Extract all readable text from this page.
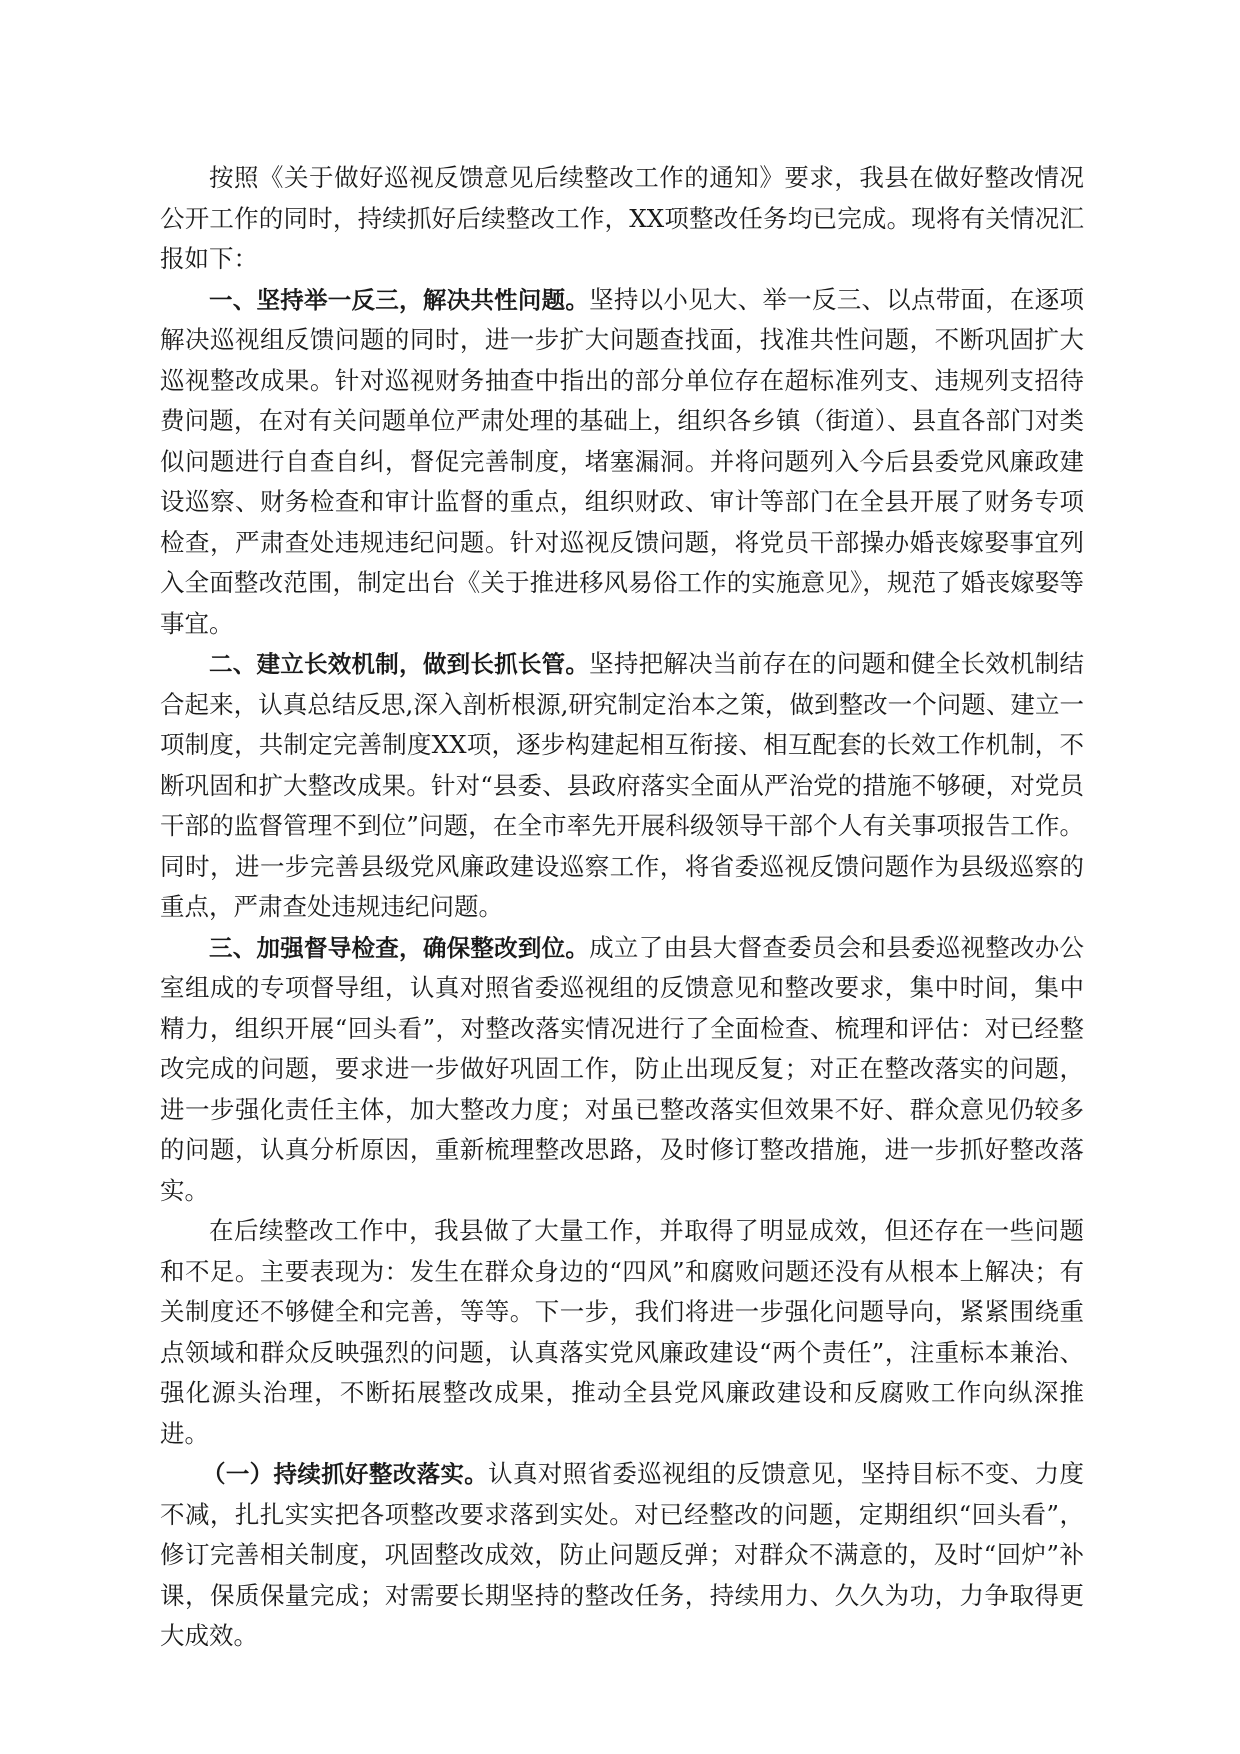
按照《关于做好巡视反馈意见后续整改工作的通知》要求，我县在做好整改情况公开工作的同时，持续抓好后续整改工作，XX项整改任务均已完成。现将有关情况汇报如下：

一、坚持举一反三，解决共性问题。坚持以小见大、举一反三、以点带面，在逐项解决巡视组反馈问题的同时，进一步扩大问题查找面，找准共性问题，不断巩固扩大巡视整改成果。针对巡视财务抽查中指出的部分单位存在超标准列支、违规列支招待费问题，在对有关问题单位严肃处理的基础上，组织各乡镇（街道）、县直各部门对类似问题进行自查自纠，督促完善制度，堵塞漏洞。并将问题列入今后县委党风廉政建设巡察、财务检查和审计监督的重点，组织财政、审计等部门在全县开展了财务专项检查，严肃查处违规违纪问题。针对巡视反馈问题，将党员干部操办婚丧嫁娶事宜列入全面整改范围，制定出台《关于推进移风易俗工作的实施意见》，规范了婚丧嫁娶等事宜。

二、建立长效机制，做到长抓长管。坚持把解决当前存在的问题和健全长效机制结合起来，认真总结反思,深入剖析根源,研究制定治本之策，做到整改一个问题、建立一项制度，共制定完善制度XX项，逐步构建起相互衔接、相互配套的长效工作机制，不断巩固和扩大整改成果。针对“县委、县政府落实全面从严治党的措施不够硬，对党员干部的监督管理不到位”问题，在全市率先开展科级领导干部个人有关事项报告工作。同时，进一步完善县级党风廉政建设巡察工作，将省委巡视反馈问题作为县级巡察的重点，严肃查处违规违纪问题。

三、加强督导检查，确保整改到位。成立了由县大督查委员会和县委巡视整改办公室组成的专项督导组，认真对照省委巡视组的反馈意见和整改要求，集中时间，集中精力，组织开展“回头看”，对整改落实情况进行了全面检查、梳理和评估：对已经整改完成的问题，要求进一步做好巩固工作，防止出现反复；对正在整改落实的问题，进一步强化责任主体，加大整改力度；对虽已整改落实但效果不好、群众意见仍较多的问题，认真分析原因，重新梳理整改思路，及时修订整改措施，进一步抓好整改落实。

在后续整改工作中，我县做了大量工作，并取得了明显成效，但还存在一些问题和不足。主要表现为：发生在群众身边的“四风”和腐败问题还没有从根本上解决；有关制度还不够健全和完善，等等。下一步，我们将进一步强化问题导向，紧紧围绕重点领域和群众反映强烈的问题，认真落实党风廉政建设“两个责任”，注重标本兼治、强化源头治理，不断拓展整改成果，推动全县党风廉政建设和反腐败工作向纵深推进。

（一）持续抓好整改落实。认真对照省委巡视组的反馈意见，坚持目标不变、力度不减，扎扎实实把各项整改要求落到实处。对已经整改的问题，定期组织“回头看”，修订完善相关制度，巩固整改成效，防止问题反弹；对群众不满意的，及时“回炉”补课，保质保量完成；对需要长期坚持的整改任务，持续用力、久久为功，力争取得更大成效。
